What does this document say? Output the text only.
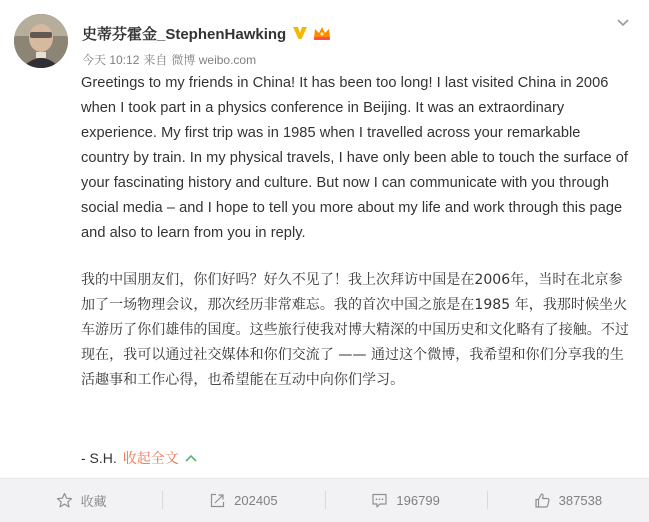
史蒂芬霍金_StephenHawking
今天 10:12 来自 微博 weibo.com

Greetings to my friends in China! It has been too long! I last visited China in 2006 when I took part in a physics conference in Beijing. It was an extraordinary experience. My first trip was in 1985 when I travelled across your remarkable country by train. In my physical travels, I have only been able to touch the surface of your fascinating history and culture. But now I can communicate with you through social media – and I hope to tell you more about my life and work through this page and also to learn from you in reply.

我的中国朋友们，你们好吗？好久不见了！我上次拜访中国是在2006年，当时在北京参加了一场物理会议，那次经历非常难忘。我的首次中国之旅是在1985 年，我那时候坐火车游历了你们雄伟的国度。这些旅行使我对博大精深的中国历史和文化略有了接触。不过现在，我可以通过社交媒体和你们交流了 —— 通过这个微博，我希望和你们分享我的生活趣事和工作心得，也希望能在互动中向你们学习。

- S.H. 收起全文
收藏	202405	196799	387538
